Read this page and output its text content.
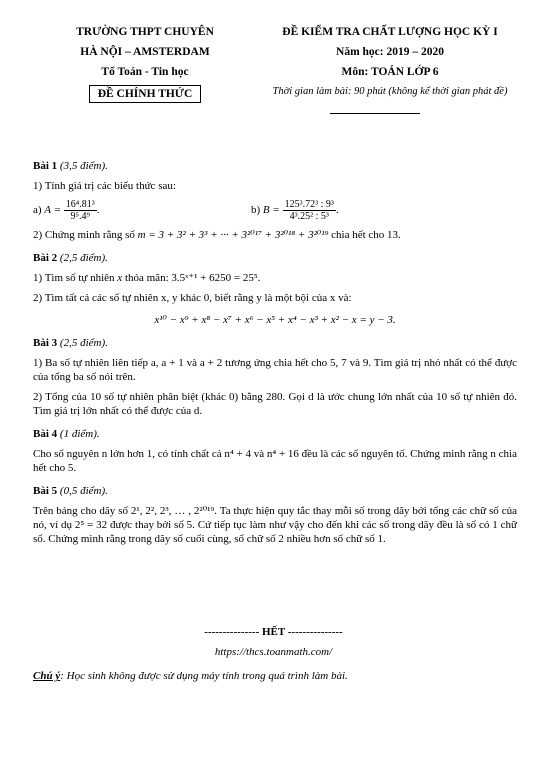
TRƯỜNG THPT CHUYÊN
HÀ NỘI – AMSTERDAM
Tổ Toán - Tin học
ĐỀ CHÍNH THỨC
ĐỀ KIỂM TRA CHẤT LƯỢNG HỌC KỲ I
Năm học: 2019 – 2020
Môn: TOÁN LỚP 6
Thời gian làm bài: 90 phút (không kể thời gian phát đề)
Bài 1 (3,5 điểm).
1) Tính giá trị các biểu thức sau:
a) $A = \frac{\text{16⁴.81³}}{\text{9⁵.4⁹}}$ .	b) $B = \frac{\text{125³.72³ : 9³}}{\text{4³.25² : 5³}}$ .
2) Chứng minh rằng số m = 3 + 3² + 3³ + ··· + 3²⁰¹⁷ + 3²⁰¹⁸ + 3²⁰¹⁹ chia hết cho 13.
Bài 2 (2,5 điểm).
1) Tìm số tự nhiên x thỏa mãn: 3.5ˣ⁺¹ + 6250 = 25⁵.
2) Tìm tất cả các số tự nhiên x, y khác 0, biết rằng y là một bội của x và:
x¹⁰ − x⁹ + x⁸ − x⁷ + x⁶ − x⁵ + x⁴ − x³ + x² − x = y − 3.
Bài 3 (2,5 điểm).
1) Ba số tự nhiên liên tiếp a, a + 1 và a + 2 tương ứng chia hết cho 5, 7 và 9. Tìm giá trị nhỏ nhất có thể được của tổng ba số nói trên.
2) Tổng của 10 số tự nhiên phân biệt (khác 0) bằng 280. Gọi d là ước chung lớn nhất của 10 số tự nhiên đó. Tìm giá trị lớn nhất có thể được của d.
Bài 4 (1 điểm).
Cho số nguyên n lớn hơn 1, có tính chất cả n⁴ + 4 và n⁴ + 16 đều là các số nguyên tố. Chứng minh rằng n chia hết cho 5.
Bài 5 (0,5 điểm).
Trên bảng cho dãy số 2¹, 2², 2³, … , 2²⁰¹⁹. Ta thực hiện quy tắc thay mỗi số trong dãy bởi tổng các chữ số của nó, ví dụ 2⁵ = 32 được thay bởi số 5. Cứ tiếp tục làm như vậy cho đến khi các số trong dãy đều là số có 1 chữ số. Chứng minh rằng trong dãy số cuối cùng, số chữ số 2 nhiều hơn số chữ số 1.
--------------- HẾT ---------------
https://thcs.toanmath.com/
Chú ý: Học sinh không được sử dụng máy tính trong quá trình làm bài.
